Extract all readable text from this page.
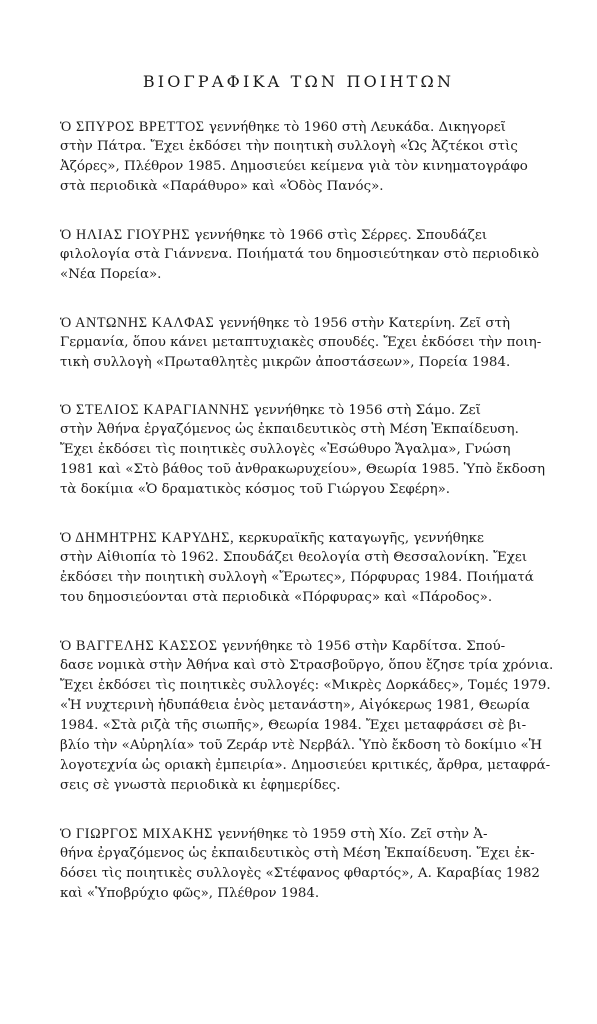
ΒΙΟΓΡΑΦΙΚΑ ΤΩΝ ΠΟΙΗΤΩΝ
Ὁ ΣΠΥΡΟΣ ΒΡΕΤΤΟΣ γεννήθηκε τὸ 1960 στὴ Λευκάδα. Δικηγορεῖ
στὴν Πάτρα. Ἔχει ἐκδόσει τὴν ποιητικὴ συλλογὴ «Ὡς Ἀζτέκοι στὶς
Ἀζόρες», Πλέθρον 1985. Δημοσιεύει κείμενα γιὰ τὸν κινηματογράφο
στὰ περιοδικὰ «Παράθυρο» καὶ «Ὁδὸς Πανός».
Ὁ ΗΛΙΑΣ ΓΙΟΥΡΗΣ γεννήθηκε τὸ 1966 στὶς Σέρρες. Σπουδάζει
φιλολογία στὰ Γιάννενα. Ποιήματά του δημοσιεύτηκαν στὸ περιοδικὸ
«Νέα Πορεία».
Ὁ ΑΝΤΩΝΗΣ ΚΑΛΦΑΣ γεννήθηκε τὸ 1956 στὴν Κατερίνη. Ζεῖ στὴ
Γερμανία, ὅπου κάνει μεταπτυχιακὲς σπουδές. Ἔχει ἐκδόσει τὴν ποιη-
τικὴ συλλογὴ «Πρωταθλητὲς μικρῶν ἀποστάσεων», Πορεία 1984.
Ὁ ΣΤΕΛΙΟΣ ΚΑΡΑΓΙΑΝΝΗΣ γεννήθηκε τὸ 1956 στὴ Σάμο. Ζεῖ
στὴν Ἀθήνα ἐργαζόμενος ὡς ἐκπαιδευτικὸς στὴ Μέση Ἐκπαίδευση.
Ἔχει ἐκδόσει τὶς ποιητικὲς συλλογὲς «Ἐσώθυρο Ἄγαλμα», Γνώση
1981 καὶ «Στὸ βάθος τοῦ ἀνθρακωρυχείου», Θεωρία 1985. Ὑπὸ ἔκδοση
τὰ δοκίμια «Ὁ δραματικὸς κόσμος τοῦ Γιώργου Σεφέρη».
Ὁ ΔΗΜΗΤΡΗΣ ΚΑΡΥΔΗΣ, κερκυραϊκῆς καταγωγῆς, γεννήθηκε
στὴν Αἰθιοπία τὸ 1962. Σπουδάζει θεολογία στὴ Θεσσαλονίκη. Ἔχει
ἐκδόσει τὴν ποιητικὴ συλλογὴ «Ἔρωτες», Πόρφυρας 1984. Ποιήματά
του δημοσιεύονται στὰ περιοδικὰ «Πόρφυρας» καὶ «Πάροδος».
Ὁ ΒΑΓΓΕΛΗΣ ΚΑΣΣΟΣ γεννήθηκε τὸ 1956 στὴν Καρδίτσα. Σπού-
δασε νομικὰ στὴν Ἀθήνα καὶ στὸ Στρασβοῦργο, ὅπου ἔζησε τρία χρόνια.
Ἔχει ἐκδόσει τὶς ποιητικὲς συλλογές: «Μικρὲς Δορκάδες», Τομές 1979.
«Ἡ νυχτερινὴ ἡδυπάθεια ἑνὸς μετανάστη», Αἰγόκερως 1981, Θεωρία
1984. «Στὰ ριζὰ τῆς σιωπῆς», Θεωρία 1984. Ἔχει μεταφράσει σὲ βι-
βλίο τὴν «Αὐρηλία» τοῦ Ζεράρ ντὲ Νερβάλ. Ὑπὸ ἔκδοση τὸ δοκίμιο «Ἡ
λογοτεχνία ὡς οριακὴ ἐμπειρία». Δημοσιεύει κριτικές, ἄρθρα, μεταφρά-
σεις σὲ γνωστὰ περιοδικὰ κι ἐφημερίδες.
Ὁ ΓΙΩΡΓΟΣ ΜΙΧΑΚΗΣ γεννήθηκε τὸ 1959 στὴ Χίο. Ζεῖ στὴν Ἀ-
θήνα ἐργαζόμενος ὡς ἐκπαιδευτικὸς στὴ Μέση Ἐκπαίδευση. Ἔχει ἐκ-
δόσει τὶς ποιητικὲς συλλογὲς «Στέφανος φθαρτός», Α. Καραβίας 1982
καὶ «Ὑποβρύχιο φῶς», Πλέθρον 1984.
